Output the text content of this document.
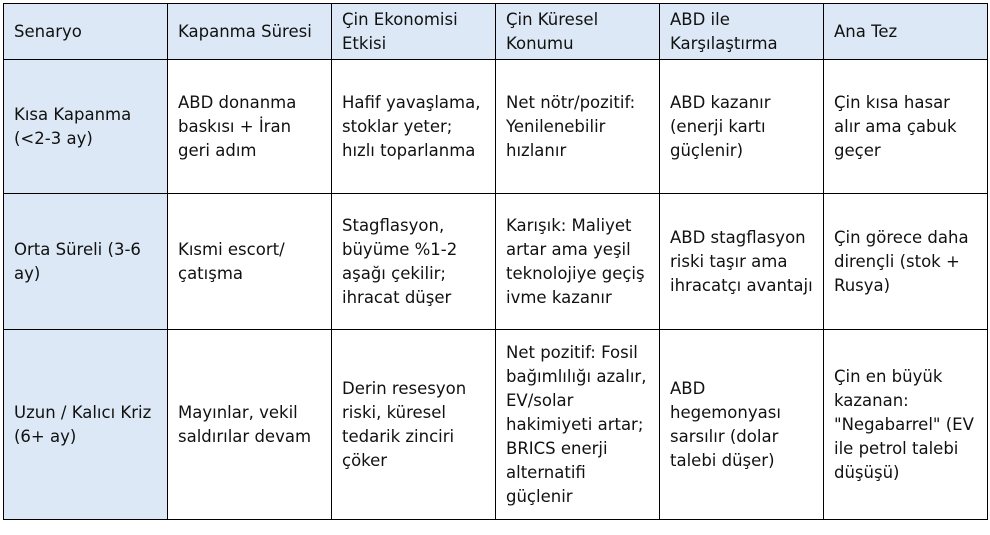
Senaryo	Kapanma Süresi	Çin Ekonomisi Etkisi	Çin Küresel Konumu	ABD ile Karşılaştırma	Ana Tez
Kısa Kapanma (<2-3 ay)	ABD donanma baskısı + İran geri adım	Hafif yavaşlama, stoklar yeter; hızlı toparlanma	Net nötr/pozitif: Yenilenebilir hızlanır	ABD kazanır (enerji kartı güçlenir)	Çin kısa hasar alır ama çabuk geçer
Orta Süreli (3-6 ay)	Kısmi escort/çatışma	Stagflasyon, büyüme %1-2 aşağı çekilir; ihracat düşer	Karışık: Maliyet artar ama yeşil teknolojiye geçiş ivme kazanır	ABD stagflasyon riski taşır ama ihracatçı avantajı	Çin görece daha dirençli (stok + Rusya)
Uzun / Kalıcı Kriz (6+ ay)	Mayınlar, vekil saldırılar devam	Derin resesyon riski, küresel tedarik zinciri çöker	Net pozitif: Fosil bağımlılığı azalır, EV/solar hakimiyeti artar; BRICS enerji alternatifi güçlenir	ABD hegemonyası sarsılır (dolar talebi düşer)	Çin en büyük kazanan: "Negabarrel" (EV ile petrol talebi düşüşü)
